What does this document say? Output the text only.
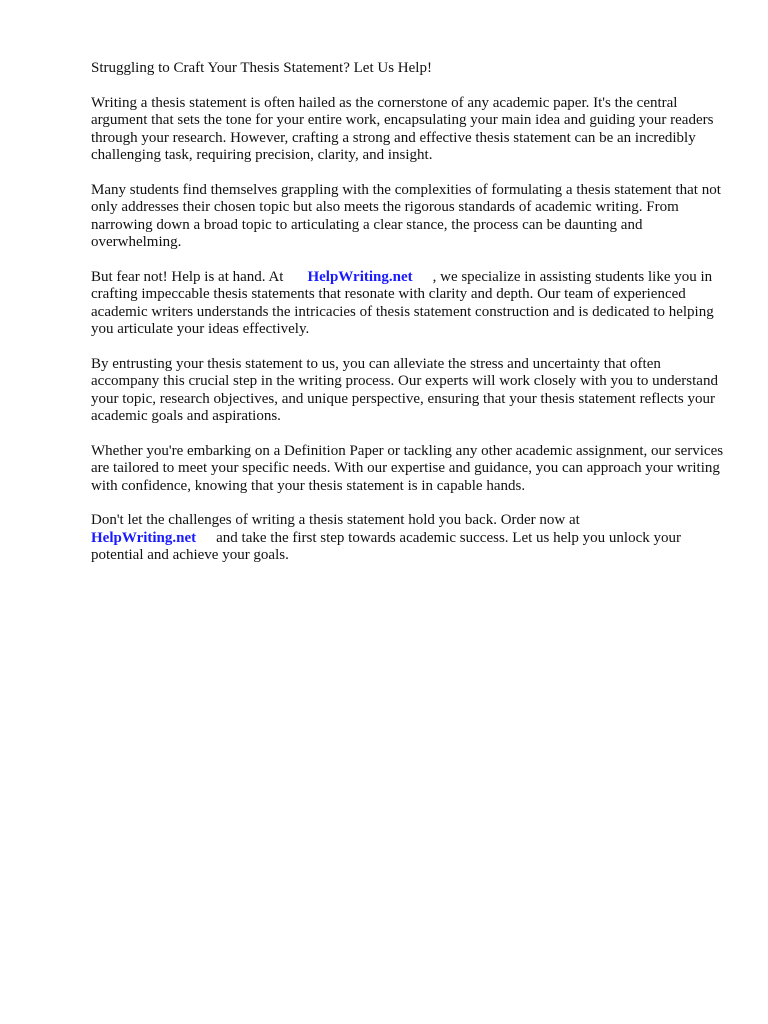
Struggling to Craft Your Thesis Statement? Let Us Help!

Writing a thesis statement is often hailed as the cornerstone of any academic paper. It's the central argument that sets the tone for your entire work, encapsulating your main idea and guiding your readers through your research. However, crafting a strong and effective thesis statement can be an incredibly challenging task, requiring precision, clarity, and insight.

Many students find themselves grappling with the complexities of formulating a thesis statement that not only addresses their chosen topic but also meets the rigorous standards of academic writing. From narrowing down a broad topic to articulating a clear stance, the process can be daunting and overwhelming.

But fear not! Help is at hand. At HelpWriting.net , we specialize in assisting students like you in crafting impeccable thesis statements that resonate with clarity and depth. Our team of experienced academic writers understands the intricacies of thesis statement construction and is dedicated to helping you articulate your ideas effectively.

By entrusting your thesis statement to us, you can alleviate the stress and uncertainty that often accompany this crucial step in the writing process. Our experts will work closely with you to understand your topic, research objectives, and unique perspective, ensuring that your thesis statement reflects your academic goals and aspirations.

Whether you're embarking on a Definition Paper or tackling any other academic assignment, our services are tailored to meet your specific needs. With our expertise and guidance, you can approach your writing with confidence, knowing that your thesis statement is in capable hands.

Don't let the challenges of writing a thesis statement hold you back. Order now at
HelpWriting.net and take the first step towards academic success. Let us help you unlock your potential and achieve your goals.
